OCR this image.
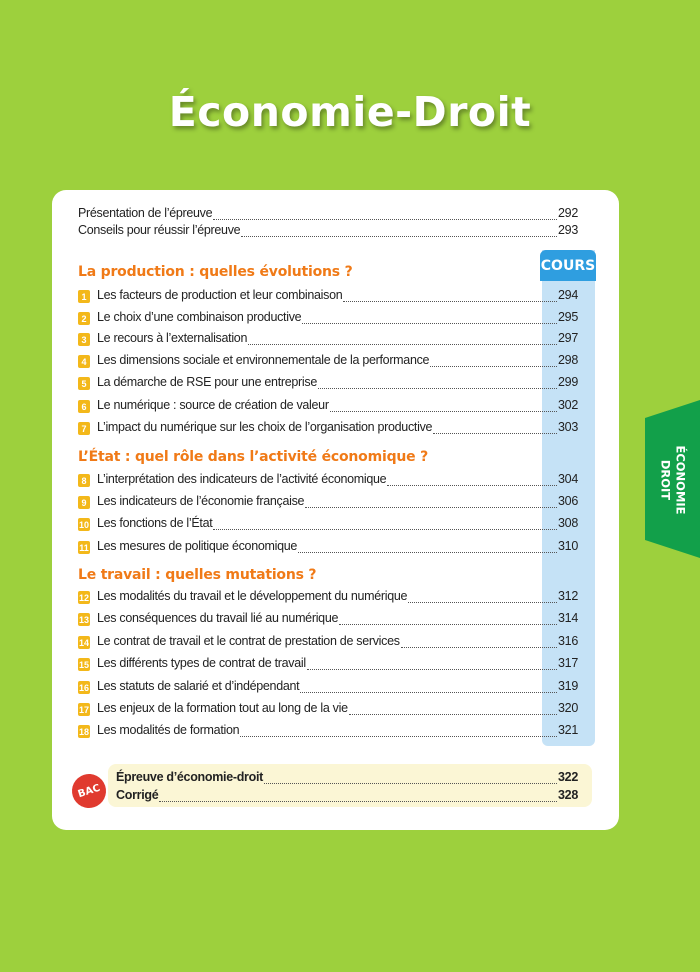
Économie-Droit
COURS
Présentation de l’épreuve	292
Conseils pour réussir l’épreuve	293
La production : quelles évolutions ?
1 Les facteurs de production et leur combinaison	294
2 Le choix d’une combinaison productive	295
3 Le recours à l’externalisation	297
4 Les dimensions sociale et environnementale de la performance	298
5 La démarche de RSE pour une entreprise	299
6 Le numérique : source de création de valeur	302
7 L’impact du numérique sur les choix de l’organisation productive	303
L’État : quel rôle dans l’activité économique ?
8 L’interprétation des indicateurs de l’activité économique	304
9 Les indicateurs de l’économie française	306
10 Les fonctions de l’État	308
11 Les mesures de politique économique	310
Le travail : quelles mutations ?
12 Les modalités du travail et le développement du numérique	312
13 Les conséquences du travail lié au numérique	314
14 Le contrat de travail et le contrat de prestation de services	316
15 Les différents types de contrat de travail	317
16 Les statuts de salarié et d’indépendant	319
17 Les enjeux de la formation tout au long de la vie	320
18 Les modalités de formation	321
BAC
Épreuve d’économie-droit	322
Corrigé	328
ÉCONOMIE
DROIT
